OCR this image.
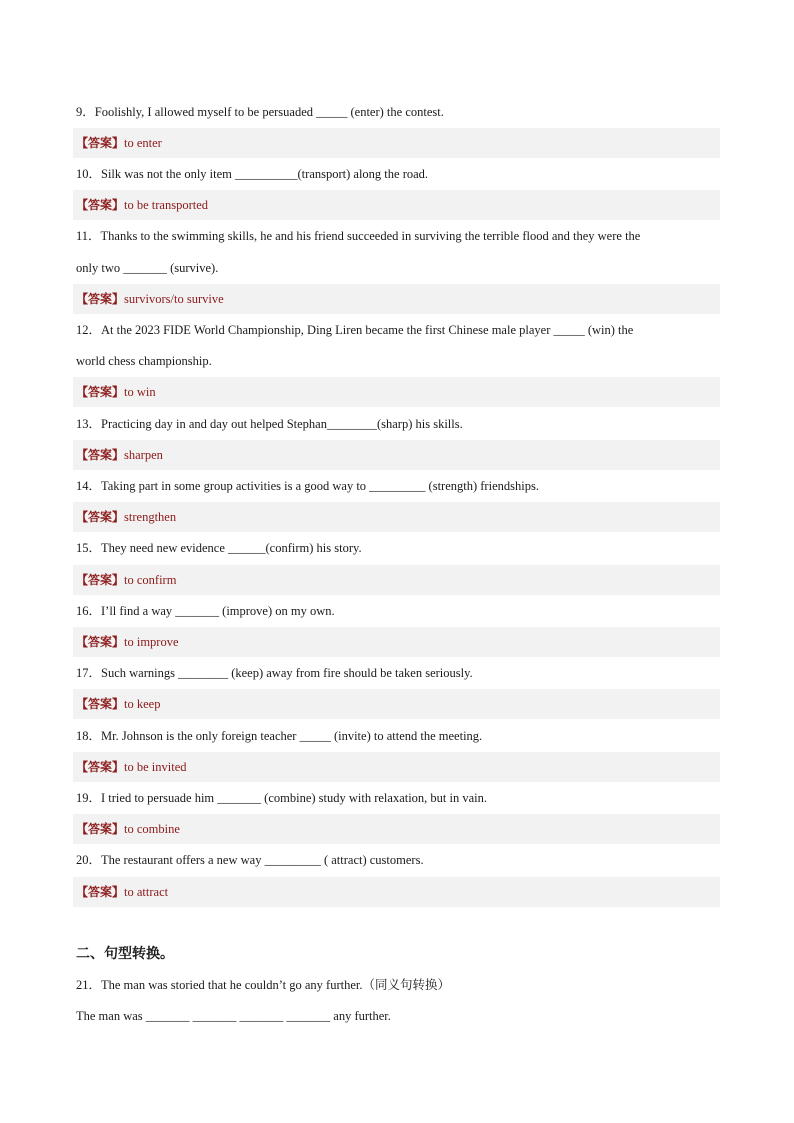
9．Foolishly, I allowed myself to be persuaded _____ (enter) the contest.
【答案】to enter
10．Silk was not the only item __________(transport) along the road.
【答案】to be transported
11．Thanks to the swimming skills, he and his friend succeeded in surviving the terrible flood and they were the
only two _______ (survive).
【答案】survivors/to survive
12．At the 2023 FIDE World Championship, Ding Liren became the first Chinese male player _____ (win) the
world chess championship.
【答案】to win
13．Practicing day in and day out helped Stephan________(sharp) his skills.
【答案】sharpen
14．Taking part in some group activities is a good way to _________ (strength) friendships.
【答案】strengthen
15．They need new evidence ______(confirm) his story.
【答案】to confirm
16．I’ll find a way _______ (improve) on my own.
【答案】to improve
17．Such warnings ________ (keep) away from fire should be taken seriously.
【答案】to keep
18．Mr. Johnson is the only foreign teacher _____ (invite) to attend the meeting.
【答案】to be invited
19．I tried to persuade him _______ (combine) study with relaxation, but in vain.
【答案】to combine
20．The restaurant offers a new way _________ ( attract) customers.
【答案】to attract
二、句型转换。
21．The man was storied that he couldn’t go any further.（同义句转换）
The man was _______ _______ _______ _______ any further.
